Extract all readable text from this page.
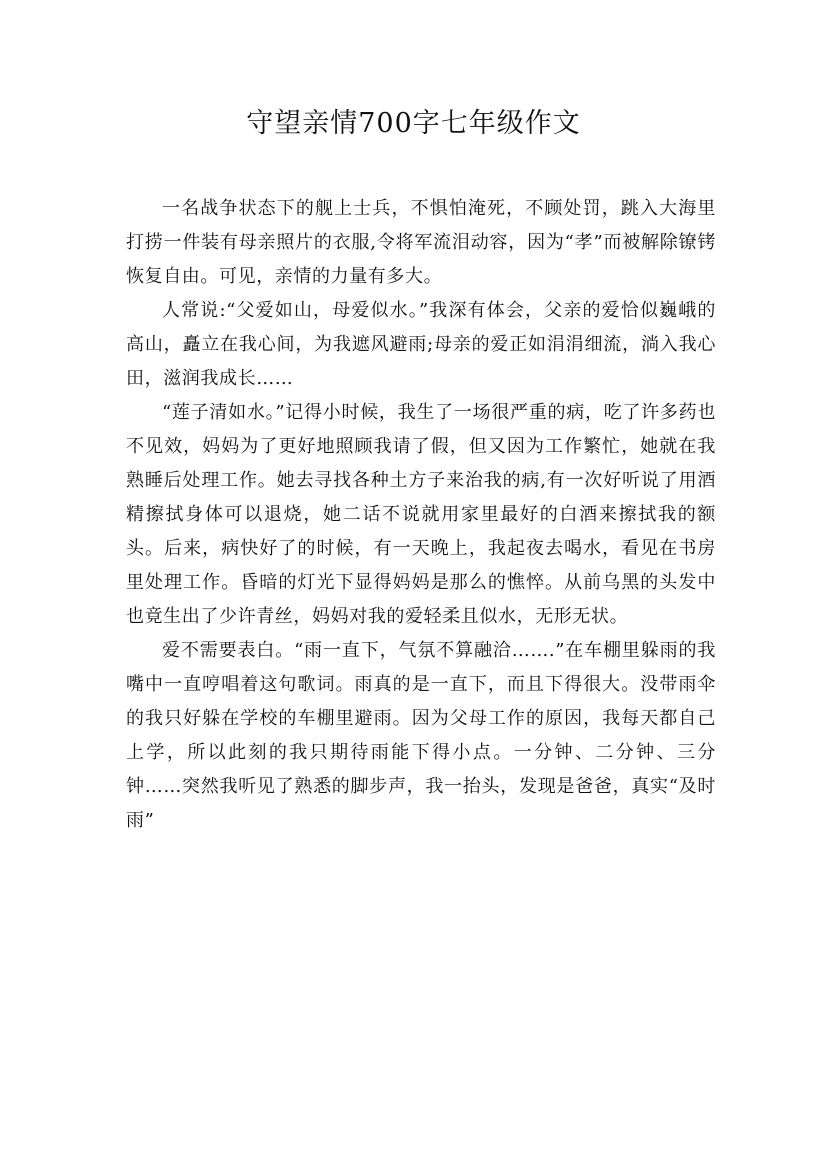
守望亲情700字七年级作文

一名战争状态下的舰上士兵，不惧怕淹死，不顾处罚，跳入大海里打捞一件装有母亲照片的衣服,令将军流泪动容，因为“孝”而被解除镣铐恢复自由。可见，亲情的力量有多大。

人常说:“父爱如山，母爱似水。”我深有体会，父亲的爱恰似巍峨的高山，矗立在我心间，为我遮风避雨;母亲的爱正如涓涓细流，淌入我心田，滋润我成长……

“莲子清如水。”记得小时候，我生了一场很严重的病，吃了许多药也不见效，妈妈为了更好地照顾我请了假，但又因为工作繁忙，她就在我熟睡后处理工作。她去寻找各种土方子来治我的病,有一次好听说了用酒精擦拭身体可以退烧，她二话不说就用家里最好的白酒来擦拭我的额头。后来，病快好了的时候，有一天晚上，我起夜去喝水，看见在书房里处理工作。昏暗的灯光下显得妈妈是那么的憔悴。从前乌黑的头发中也竟生出了少许青丝，妈妈对我的爱轻柔且似水，无形无状。

爱不需要表白。“雨一直下，气氛不算融洽…….”在车棚里躲雨的我嘴中一直哼唱着这句歌词。雨真的是一直下，而且下得很大。没带雨伞的我只好躲在学校的车棚里避雨。因为父母工作的原因，我每天都自己上学，所以此刻的我只期待雨能下得小点。一分钟、二分钟、三分钟……突然我听见了熟悉的脚步声，我一抬头，发现是爸爸，真实“及时雨”
